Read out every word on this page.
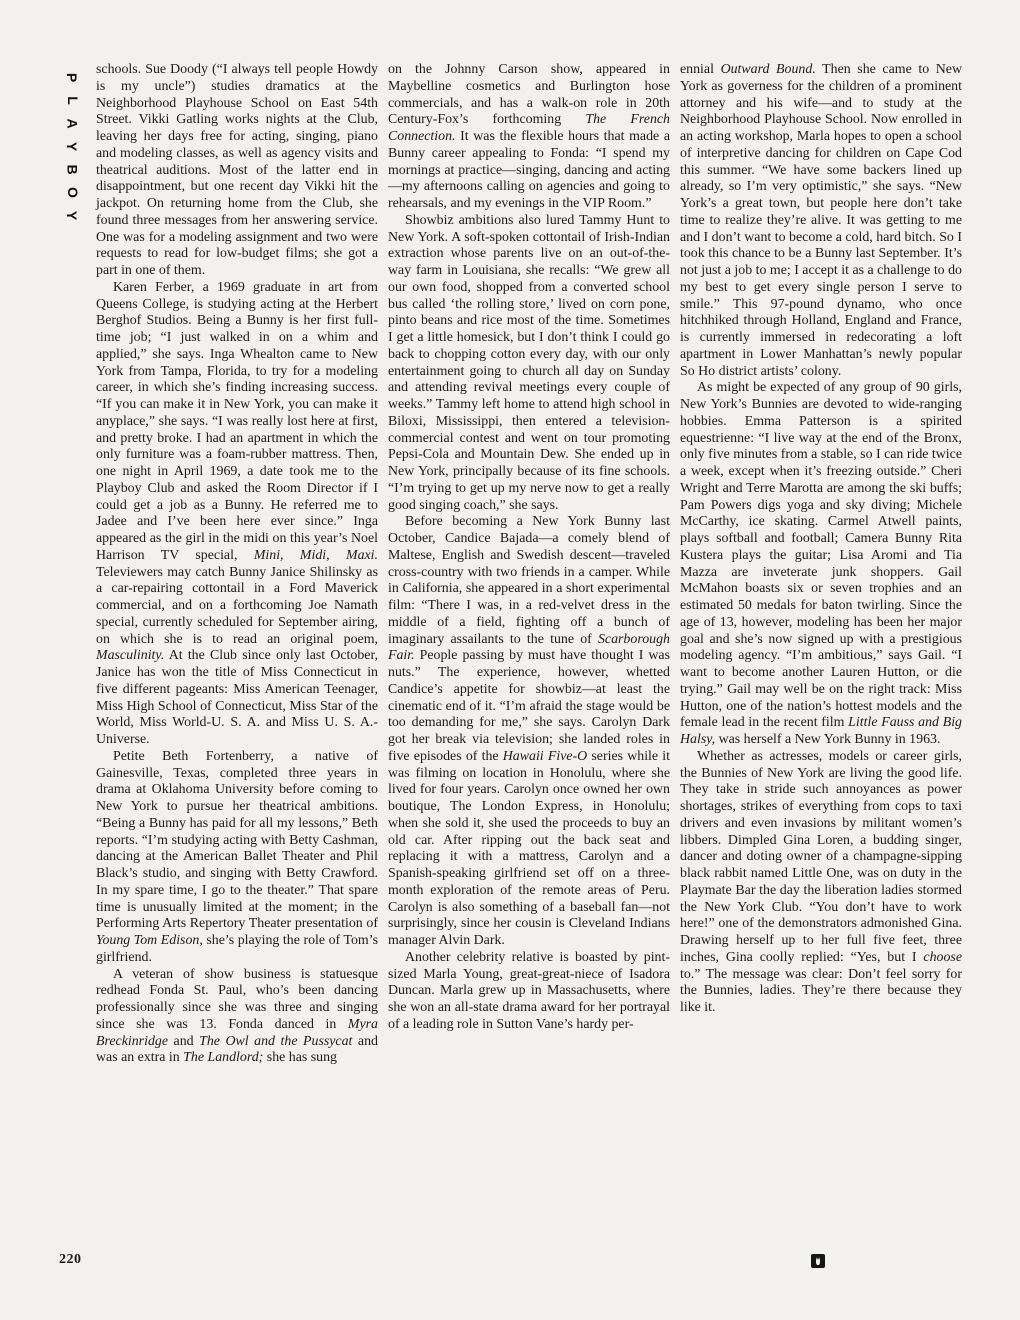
P
L
A
Y
B
O
Y

schools. Sue Doody (“I always tell people Howdy is my uncle”) studies dramatics at the Neighborhood Playhouse School on East 54th Street. Vikki Gatling works nights at the Club, leaving her days free for acting, singing, piano and modeling classes, as well as agency visits and theatrical auditions. Most of the latter end in disappointment, but one recent day Vikki hit the jackpot. On returning home from the Club, she found three messages from her answering service. One was for a modeling assignment and two were requests to read for low-budget films; she got a part in one of them.

Karen Ferber, a 1969 graduate in art from Queens College, is studying acting at the Herbert Berghof Studios. Being a Bunny is her first full-time job; “I just walked in on a whim and applied,” she says. Inga Whealton came to New York from Tampa, Florida, to try for a modeling career, in which she’s finding increasing success. “If you can make it in New York, you can make it anyplace,” she says. “I was really lost here at first, and pretty broke. I had an apartment in which the only furniture was a foam-rubber mattress. Then, one night in April 1969, a date took me to the Playboy Club and asked the Room Director if I could get a job as a Bunny. He referred me to Jadee and I’ve been here ever since.” Inga appeared as the girl in the midi on this year’s Noel Harrison TV special, Mini, Midi, Maxi. Televiewers may catch Bunny Janice Shilinsky as a car-repairing cottontail in a Ford Maverick commercial, and on a forthcoming Joe Namath special, currently scheduled for September airing, on which she is to read an original poem, Masculinity. At the Club since only last October, Janice has won the title of Miss Connecticut in five different pageants: Miss American Teenager, Miss High School of Connecticut, Miss Star of the World, Miss World-U. S. A. and Miss U. S. A.-Universe.

Petite Beth Fortenberry, a native of Gainesville, Texas, completed three years in drama at Oklahoma University before coming to New York to pursue her theatrical ambitions. “Being a Bunny has paid for all my lessons,” Beth reports. “I’m studying acting with Betty Cashman, dancing at the American Ballet Theater and Phil Black’s studio, and singing with Betty Crawford. In my spare time, I go to the theater.” That spare time is unusually limited at the moment; in the Performing Arts Repertory Theater presentation of Young Tom Edison, she’s playing the role of Tom’s girlfriend.

A veteran of show business is statuesque redhead Fonda St. Paul, who’s been dancing professionally since she was three and singing since she was 13. Fonda danced in Myra Breckinridge and The Owl and the Pussycat and was an extra in The Landlord; she has sung

on the Johnny Carson show, appeared in Maybelline cosmetics and Burlington hose commercials, and has a walk-on role in 20th Century-Fox’s forthcoming The French Connection. It was the flexible hours that made a Bunny career appealing to Fonda: “I spend my mornings at practice—singing, dancing and acting—my afternoons calling on agencies and going to rehearsals, and my evenings in the VIP Room.”

Showbiz ambitions also lured Tammy Hunt to New York. A soft-spoken cottontail of Irish-Indian extraction whose parents live on an out-of-the-way farm in Louisiana, she recalls: “We grew all our own food, shopped from a converted school bus called ‘the rolling store,’ lived on corn pone, pinto beans and rice most of the time. Sometimes I get a little homesick, but I don’t think I could go back to chopping cotton every day, with our only entertainment going to church all day on Sunday and attending revival meetings every couple of weeks.” Tammy left home to attend high school in Biloxi, Mississippi, then entered a television-commercial contest and went on tour promoting Pepsi-Cola and Mountain Dew. She ended up in New York, principally because of its fine schools. “I’m trying to get up my nerve now to get a really good singing coach,” she says.

Before becoming a New York Bunny last October, Candice Bajada—a comely blend of Maltese, English and Swedish descent—traveled cross-country with two friends in a camper. While in California, she appeared in a short experimental film: “There I was, in a red-velvet dress in the middle of a field, fighting off a bunch of imaginary assailants to the tune of Scarborough Fair. People passing by must have thought I was nuts.” The experience, however, whetted Candice’s appetite for showbiz—at least the cinematic end of it. “I’m afraid the stage would be too demanding for me,” she says. Carolyn Dark got her break via television; she landed roles in five episodes of the Hawaii Five-O series while it was filming on location in Honolulu, where she lived for four years. Carolyn once owned her own boutique, The London Express, in Honolulu; when she sold it, she used the proceeds to buy an old car. After ripping out the back seat and replacing it with a mattress, Carolyn and a Spanish-speaking girlfriend set off on a three-month exploration of the remote areas of Peru. Carolyn is also something of a baseball fan—not surprisingly, since her cousin is Cleveland Indians manager Alvin Dark.

Another celebrity relative is boasted by pint-sized Marla Young, great-great-niece of Isadora Duncan. Marla grew up in Massachusetts, where she won an all-state drama award for her portrayal of a leading role in Sutton Vane’s hardy per-

ennial Outward Bound. Then she came to New York as governess for the children of a prominent attorney and his wife—and to study at the Neighborhood Playhouse School. Now enrolled in an acting workshop, Marla hopes to open a school of interpretive dancing for children on Cape Cod this summer. “We have some backers lined up already, so I’m very optimistic,” she says. “New York’s a great town, but people here don’t take time to realize they’re alive. It was getting to me and I don’t want to become a cold, hard bitch. So I took this chance to be a Bunny last September. It’s not just a job to me; I accept it as a challenge to do my best to get every single person I serve to smile.” This 97-pound dynamo, who once hitchhiked through Holland, England and France, is currently immersed in redecorating a loft apartment in Lower Manhattan’s newly popular So Ho district artists’ colony.

As might be expected of any group of 90 girls, New York’s Bunnies are devoted to wide-ranging hobbies. Emma Patterson is a spirited equestrienne: “I live way at the end of the Bronx, only five minutes from a stable, so I can ride twice a week, except when it’s freezing outside.” Cheri Wright and Terre Marotta are among the ski buffs; Pam Powers digs yoga and sky diving; Michele McCarthy, ice skating. Carmel Atwell paints, plays softball and football; Camera Bunny Rita Kustera plays the guitar; Lisa Aromi and Tia Mazza are inveterate junk shoppers. Gail McMahon boasts six or seven trophies and an estimated 50 medals for baton twirling. Since the age of 13, however, modeling has been her major goal and she’s now signed up with a prestigious modeling agency. “I’m ambitious,” says Gail. “I want to become another Lauren Hutton, or die trying.” Gail may well be on the right track: Miss Hutton, one of the nation’s hottest models and the female lead in the recent film Little Fauss and Big Halsy, was herself a New York Bunny in 1963.

Whether as actresses, models or career girls, the Bunnies of New York are living the good life. They take in stride such annoyances as power shortages, strikes of everything from cops to taxi drivers and even invasions by militant women’s libbers. Dimpled Gina Loren, a budding singer, dancer and doting owner of a champagne-sipping black rabbit named Little One, was on duty in the Playmate Bar the day the liberation ladies stormed the New York Club. “You don’t have to work here!” one of the demonstrators admonished Gina. Drawing herself up to her full five feet, three inches, Gina coolly replied: “Yes, but I choose to.” The message was clear: Don’t feel sorry for the Bunnies, ladies. They’re there because they like it.

220
